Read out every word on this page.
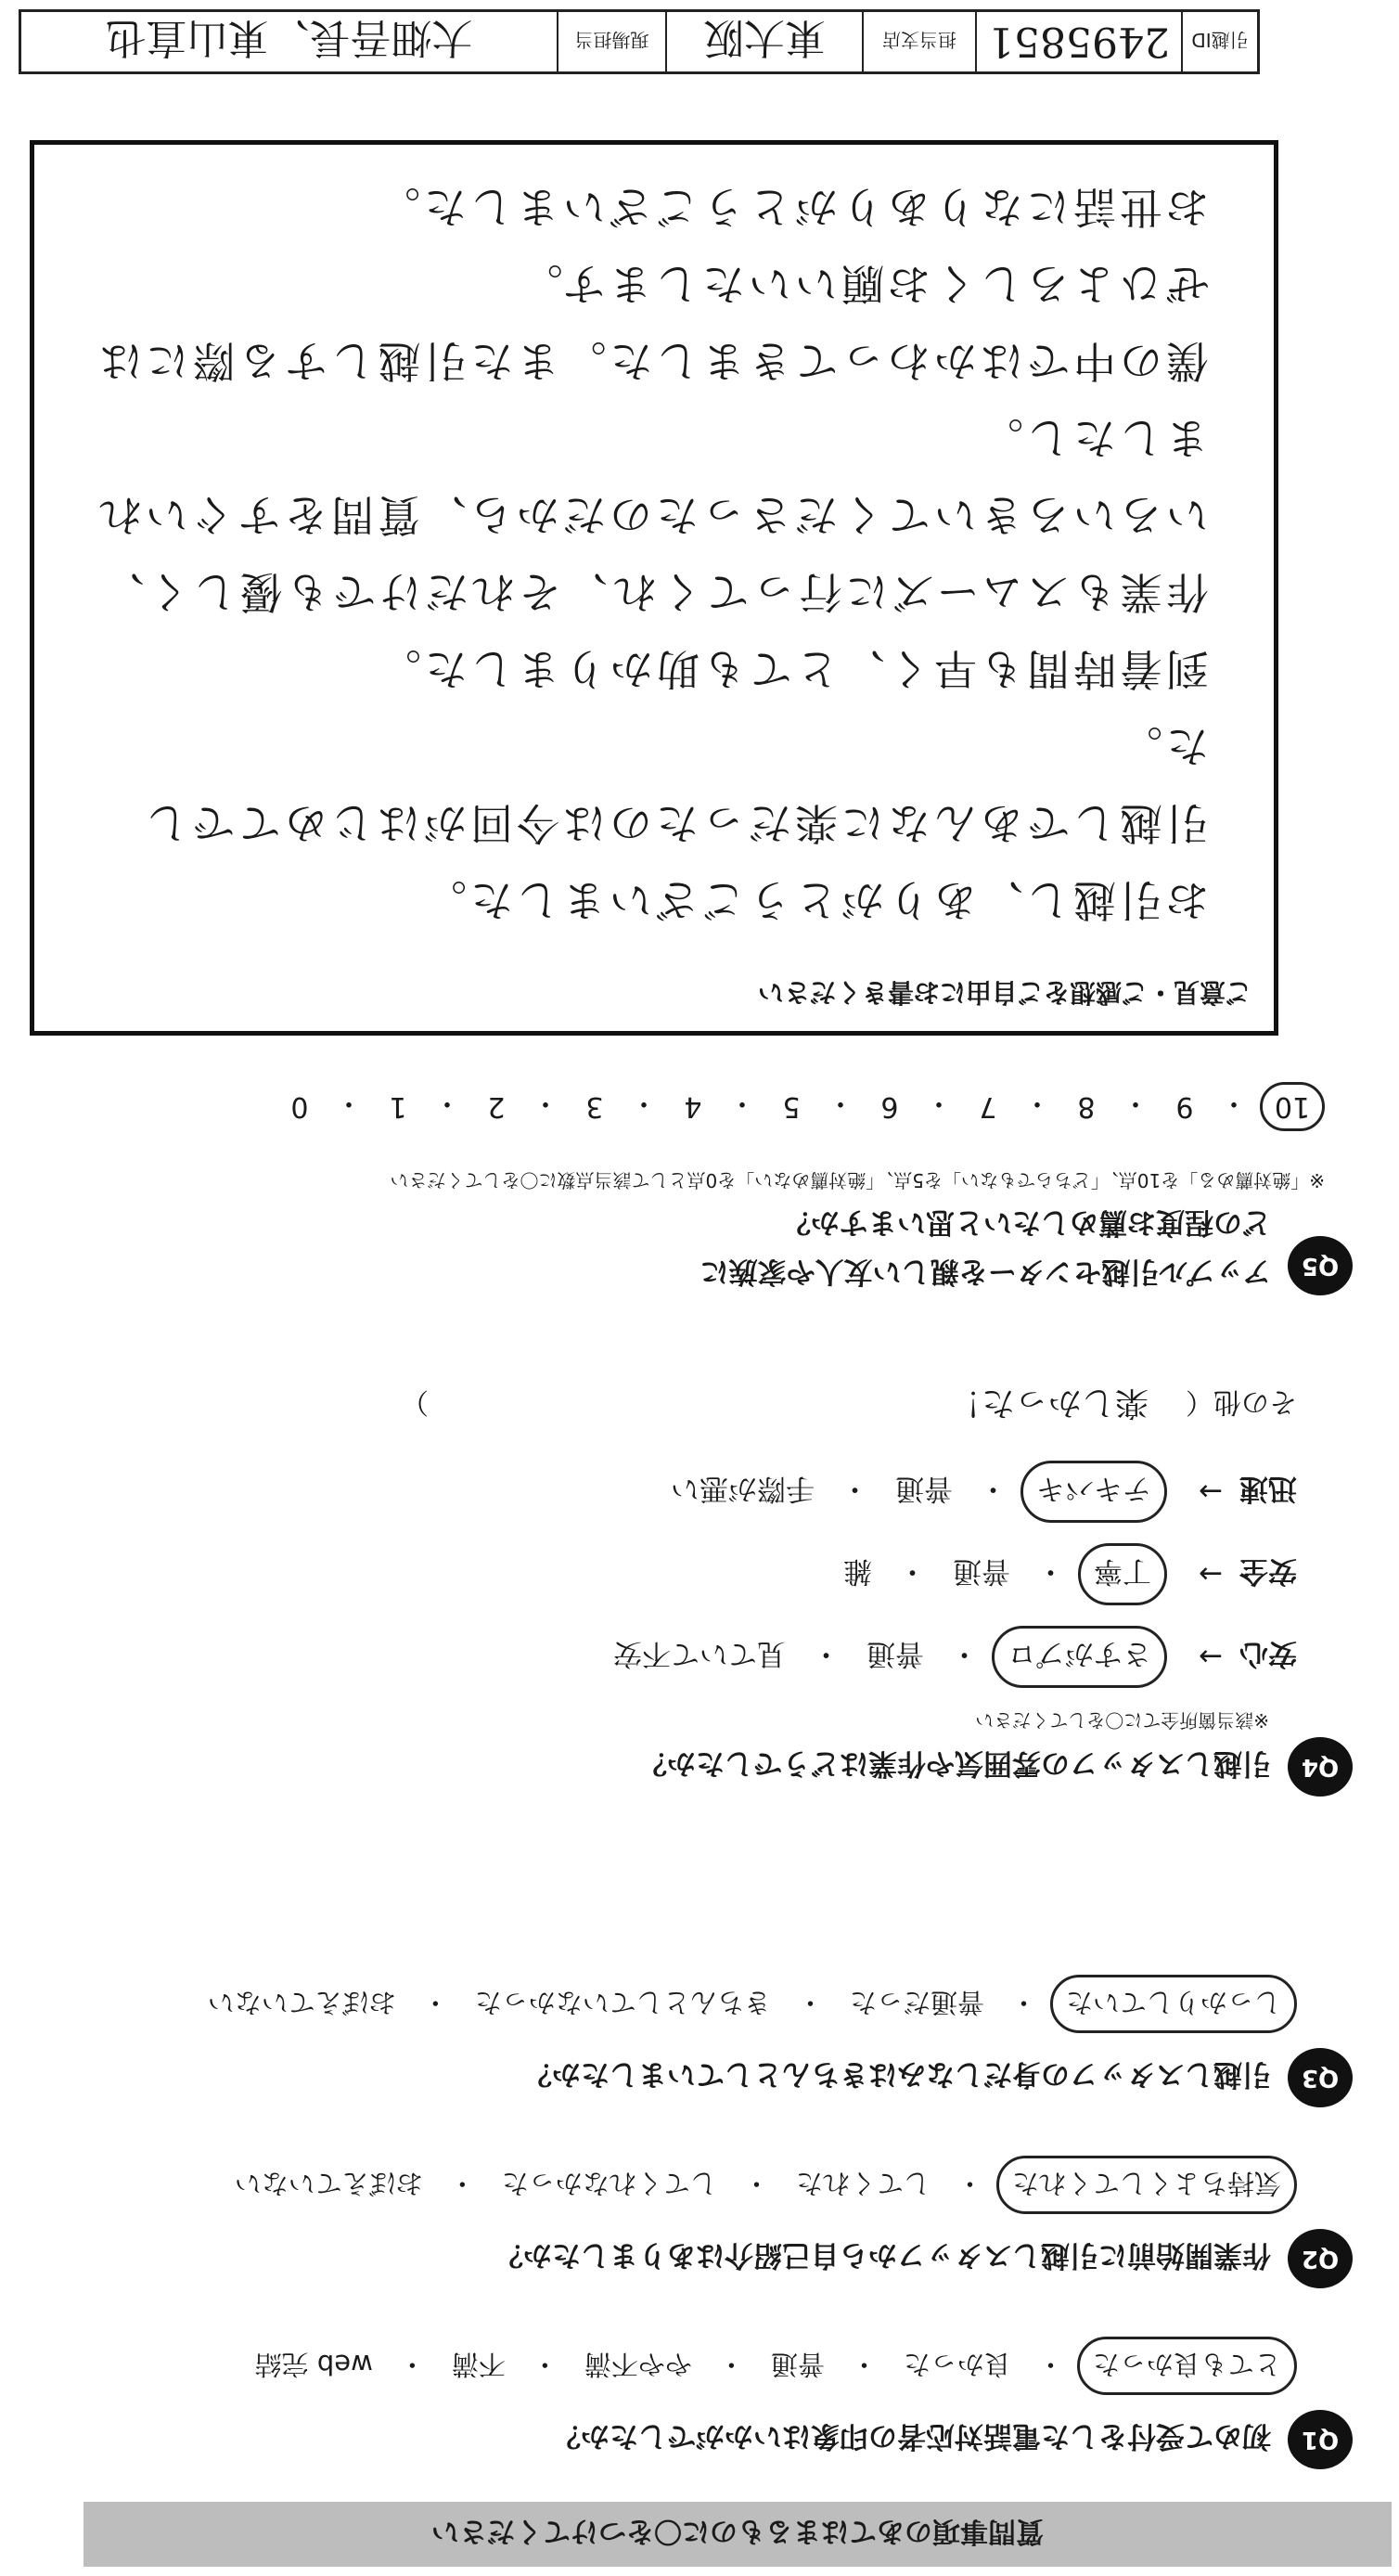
質問事項のあてはまるものに〇をつけてください
Q1
初めて受付をした電話対応者の印象はいかがでしたか？
とても良かった
・
良かった
・
普通
・
やや不満
・
不満
・
web 完結
Q2
作業開始前に引越しスタッフから自己紹介はありましたか？
気持ちよくしてくれた
・
してくれた
・
してくれなかった
・
おぼえていない
Q3
引越しスタッフの身だしなみはきちんとしていましたか？
しっかりしていた
・
普通だった
・
きちんとしていなかった
・
おぼえていない
Q4
引越しスタッフの雰囲気や作業はどうでしたか？
※該当箇所全てに〇をしてください
安心
→
さすがプロ
・
普通
・
見ていて不安
安全
→
丁寧
・
普通
・
雑
迅速
→
テキパキ
・
普通
・
手際が悪い
その他（
楽しかった！
）
Q5
アップル引越センターを親しい友人や家族に
どの程度お薦めしたいと思いますか？
※「絶対薦める」を10点、「どちらでもない」を5点、「絶対薦めない」を0点として該当点数に〇をしてください
10
・
9
・
8
・
7
・
6
・
5
・
4
・
3
・
2
・
1
・
0
ご意見・ご感想をご自由にお書きください
お引越し、ありがとうございました。
引越しであんなに楽だったのは今回がはじめてでした。
到着時間も早く、とても助かりました。
作業もスムーズに行ってくれ、それだけでも優しく、
いろいろきいてくださったのだから、質問をすぐいれましたし。
僕の中ではかわってきました。また引越しする際には
ぜひよろしくお願いいたします。
お世話になりありがとうございました。
引越ID
2495851
担当支店
東大阪
現場担当
大畑吾長、東山直也
